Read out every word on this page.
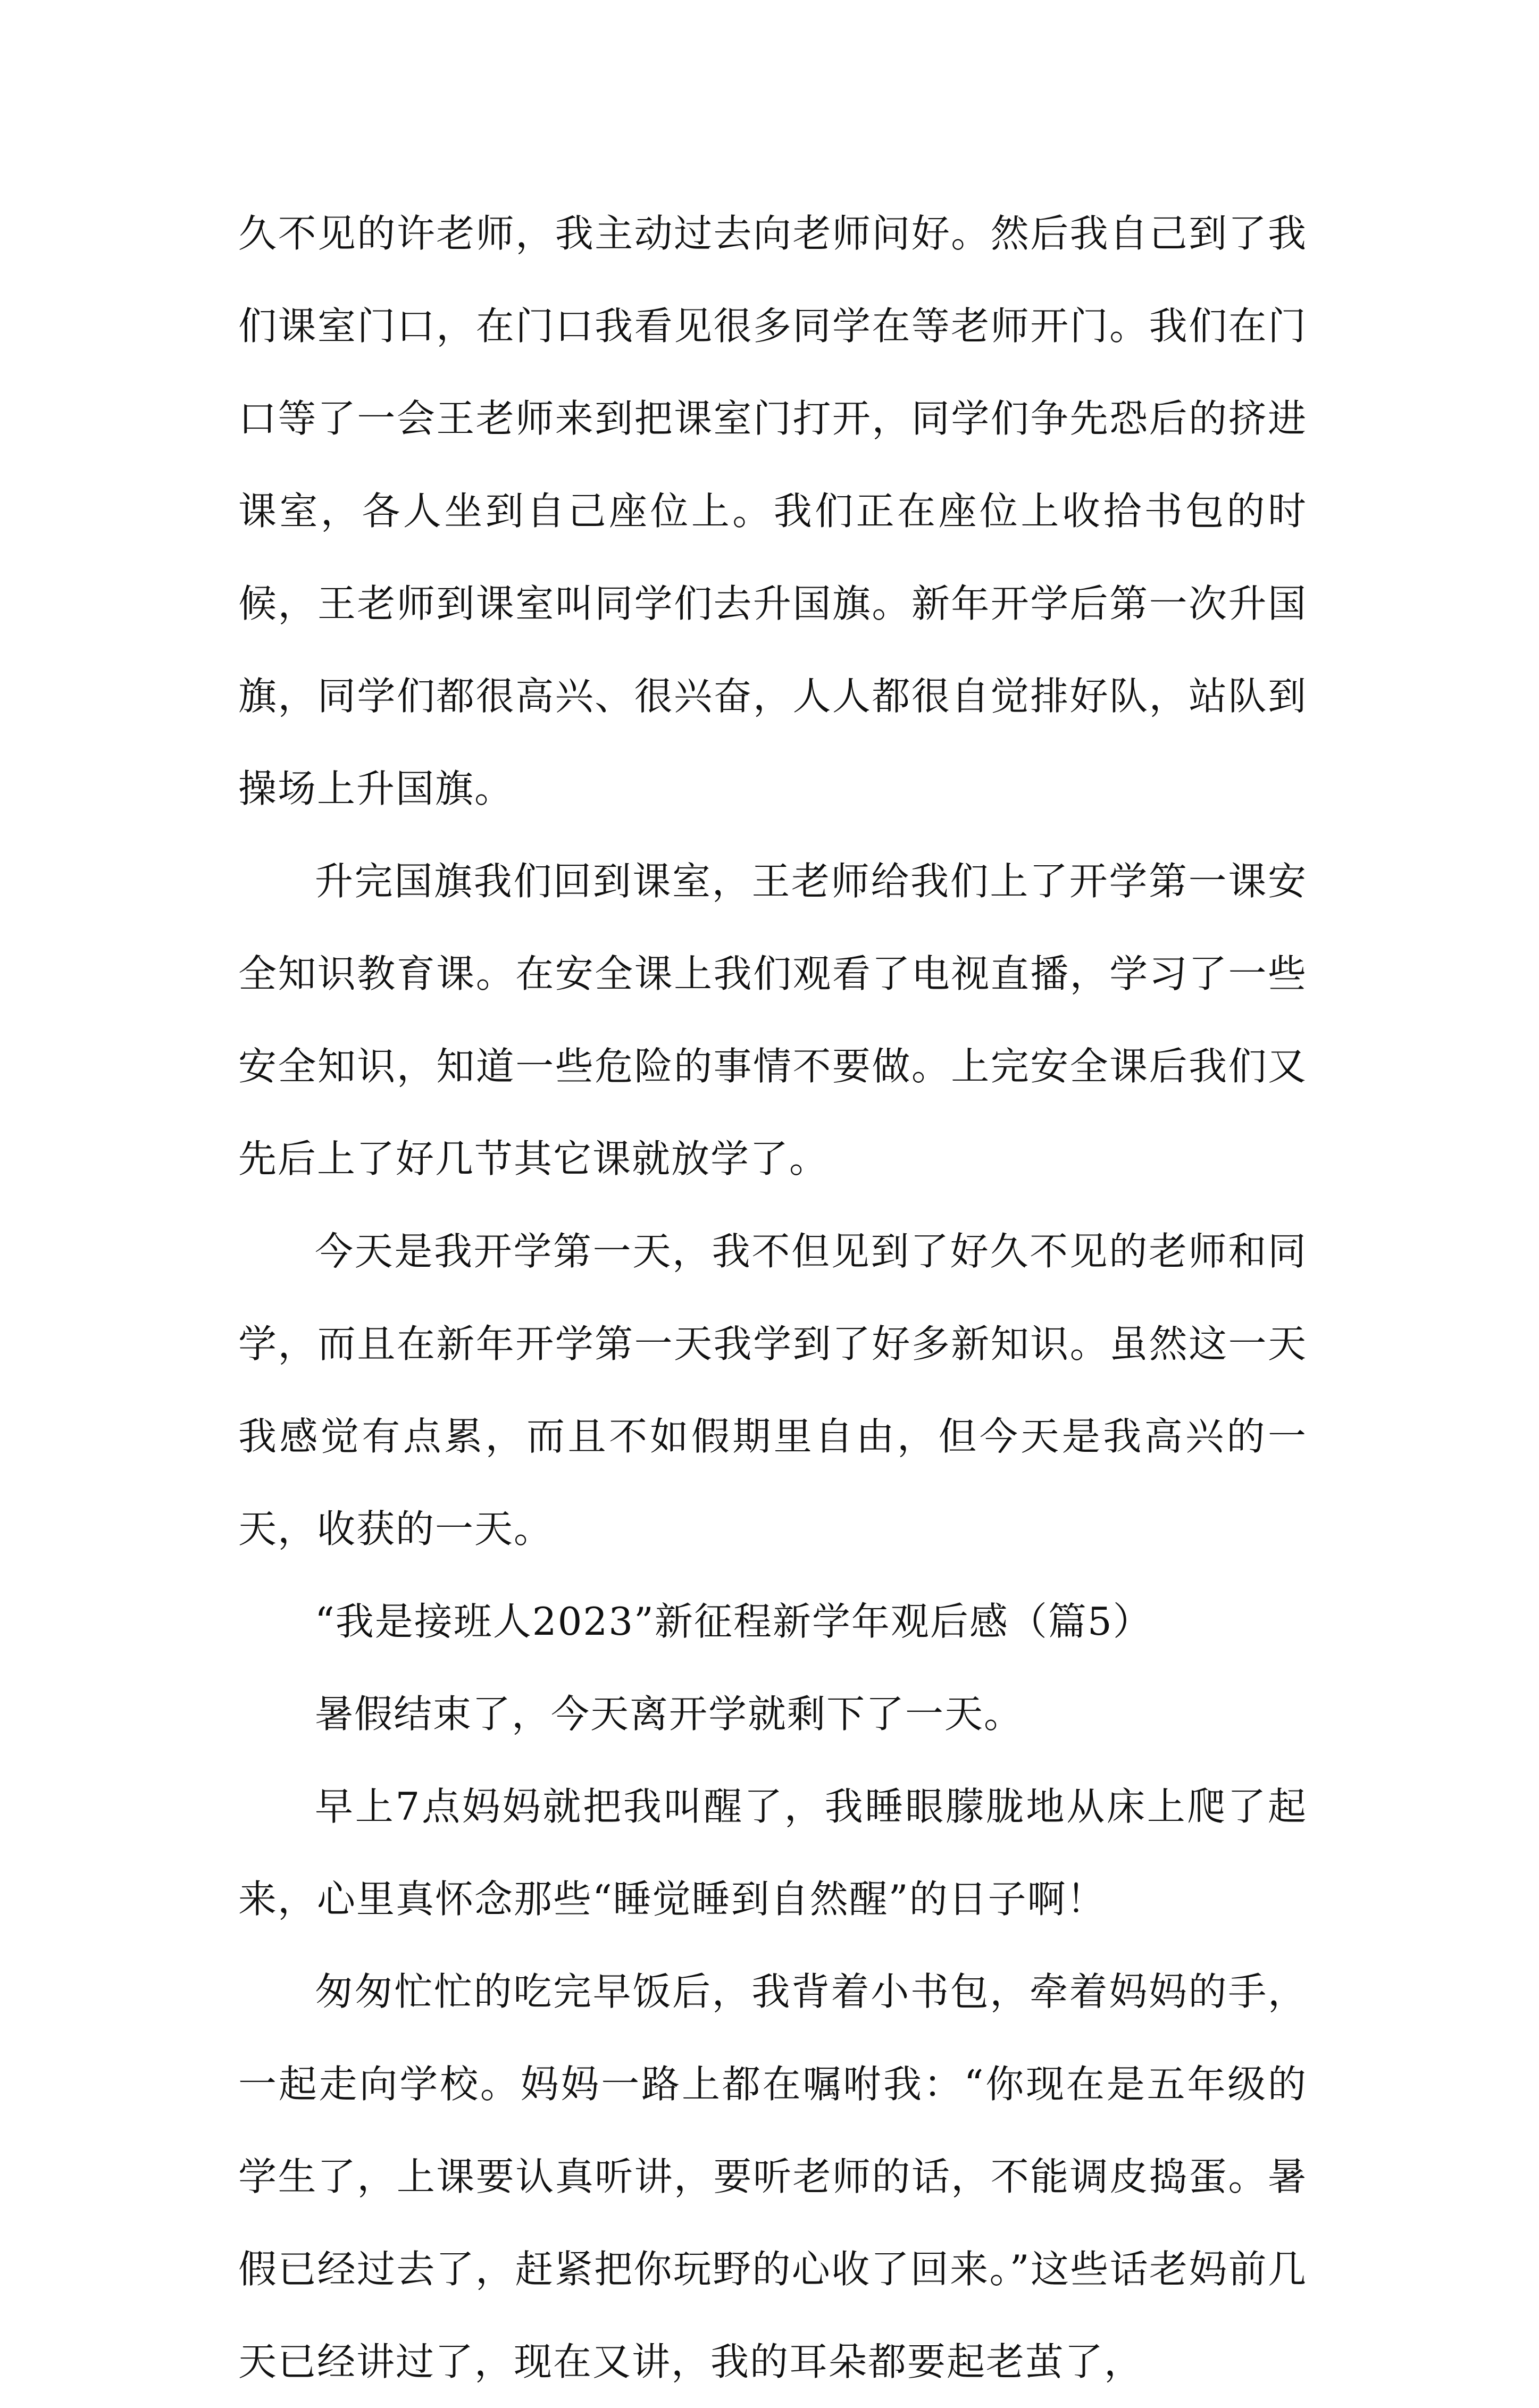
久不见的许老师，我主动过去向老师问好。然后我自己到了我们课室门口，在门口我看见很多同学在等老师开门。我们在门口等了一会王老师来到把课室门打开，同学们争先恐后的挤进课室，各人坐到自己座位上。我们正在座位上收拾书包的时候，王老师到课室叫同学们去升国旗。新年开学后第一次升国旗，同学们都很高兴、很兴奋，人人都很自觉排好队，站队到操场上升国旗。

升完国旗我们回到课室，王老师给我们上了开学第一课安全知识教育课。在安全课上我们观看了电视直播，学习了一些安全知识，知道一些危险的事情不要做。上完安全课后我们又先后上了好几节其它课就放学了。

今天是我开学第一天，我不但见到了好久不见的老师和同学，而且在新年开学第一天我学到了好多新知识。虽然这一天我感觉有点累，而且不如假期里自由，但今天是我高兴的一天，收获的一天。

“我是接班人2023”新征程新学年观后感（篇5）

暑假结束了，今天离开学就剩下了一天。

早上7点妈妈就把我叫醒了，我睡眼朦胧地从床上爬了起来，心里真怀念那些“睡觉睡到自然醒”的日子啊！

匆匆忙忙的吃完早饭后，我背着小书包，牵着妈妈的手，一起走向学校。妈妈一路上都在嘱咐我：“你现在是五年级的学生了，上课要认真听讲，要听老师的话，不能调皮捣蛋。暑假已经过去了，赶紧把你玩野的心收了回来。”这些话老妈前几天已经讲过了，现在又讲，我的耳朵都要起老茧了，
